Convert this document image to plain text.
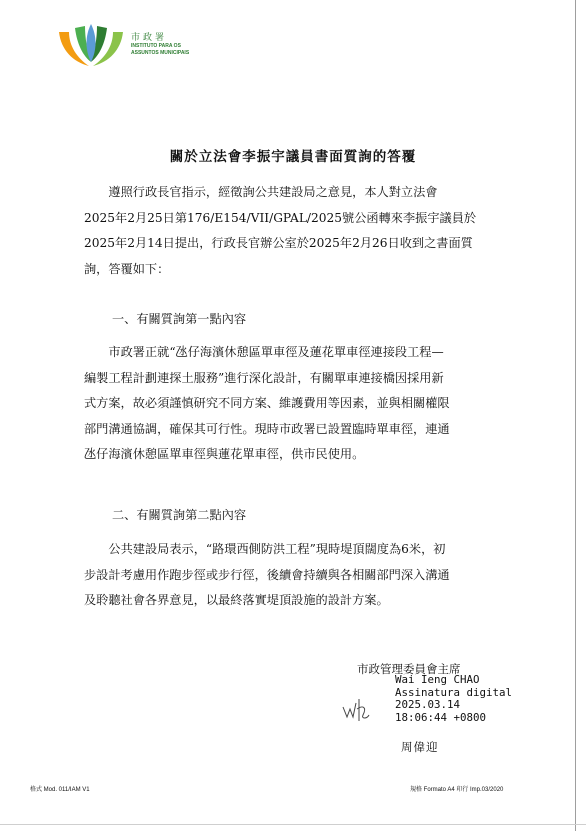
市政署
INSTITUTO PARA OS
ASSUNTOS MUNICIPAIS
關於立法會李振宇議員書面質詢的答覆
遵照行政長官指示，經徵詢公共建設局之意見，本人對立法會
2025年2月25日第176/E154/VII/GPAL/2025號公函轉來李振宇議員於
2025年2月14日提出，行政長官辦公室於2025年2月26日收到之書面質
詢，答覆如下：
一、有關質詢第一點內容
市政署正就“氹仔海濱休憩區單車徑及蓮花單車徑連接段工程—
編製工程計劃連探土服務”進行深化設計，有關單車連接橋因採用新
式方案，故必須謹慎研究不同方案、維護費用等因素，並與相關權限
部門溝通協調，確保其可行性。現時市政署已設置臨時單車徑，連通
氹仔海濱休憩區單車徑與蓮花單車徑，供市民使用。
二、有關質詢第二點內容
公共建設局表示，“路環西側防洪工程”現時堤頂闊度為6米，初
步設計考慮用作跑步徑或步行徑，後續會持續與各相關部門深入溝通
及聆聽社會各界意見，以最終落實堤頂設施的設計方案。
市政管理委員會主席
Wai Ieng CHAO
Assinatura digital
2025.03.14
18:06:44 +0800
周偉迎
格式 Mod. 011/IAM V1	規格 Formato A4 印行 Imp.03/2020
